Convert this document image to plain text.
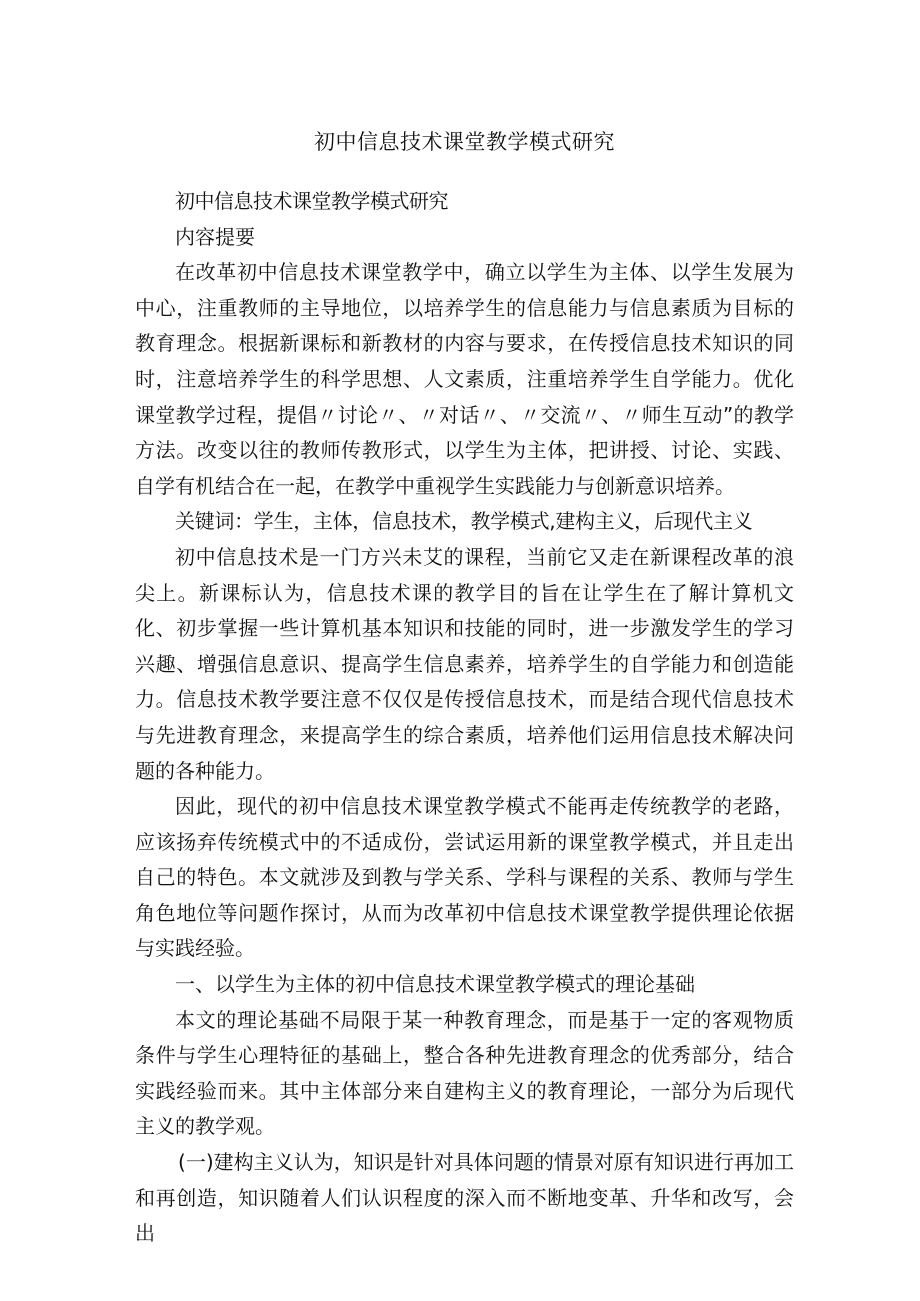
初中信息技术课堂教学模式研究

初中信息技术课堂教学模式研究

内容提要

在改革初中信息技术课堂教学中，确立以学生为主体、以学生发展为中心，注重教师的主导地位，以培养学生的信息能力与信息素质为目标的教育理念。根据新课标和新教材的内容与要求，在传授信息技术知识的同时，注意培养学生的科学思想、人文素质，注重培养学生自学能力。优化课堂教学过程，提倡〃讨论〃、〃对话〃、〃交流〃、〃师生互动”的教学方法。改变以往的教师传教形式，以学生为主体，把讲授、讨论、实践、自学有机结合在一起，在教学中重视学生实践能力与创新意识培养。

关键词：学生，主体，信息技术，教学模式,建构主义，后现代主义

初中信息技术是一门方兴未艾的课程，当前它又走在新课程改革的浪尖上。新课标认为，信息技术课的教学目的旨在让学生在了解计算机文化、初步掌握一些计算机基本知识和技能的同时，进一步激发学生的学习兴趣、增强信息意识、提高学生信息素养，培养学生的自学能力和创造能力。信息技术教学要注意不仅仅是传授信息技术，而是结合现代信息技术与先进教育理念，来提高学生的综合素质，培养他们运用信息技术解决问题的各种能力。

因此，现代的初中信息技术课堂教学模式不能再走传统教学的老路，应该扬弃传统模式中的不适成份，尝试运用新的课堂教学模式，并且走出自己的特色。本文就涉及到教与学关系、学科与课程的关系、教师与学生角色地位等问题作探讨，从而为改革初中信息技术课堂教学提供理论依据与实践经验。

一、以学生为主体的初中信息技术课堂教学模式的理论基础

本文的理论基础不局限于某一种教育理念，而是基于一定的客观物质条件与学生心理特征的基础上，整合各种先进教育理念的优秀部分，结合实践经验而来。其中主体部分来自建构主义的教育理论，一部分为后现代主义的教学观。

(一)建构主义认为，知识是针对具体问题的情景对原有知识进行再加工和再创造，知识随着人们认识程度的深入而不断地变革、升华和改写，会出
